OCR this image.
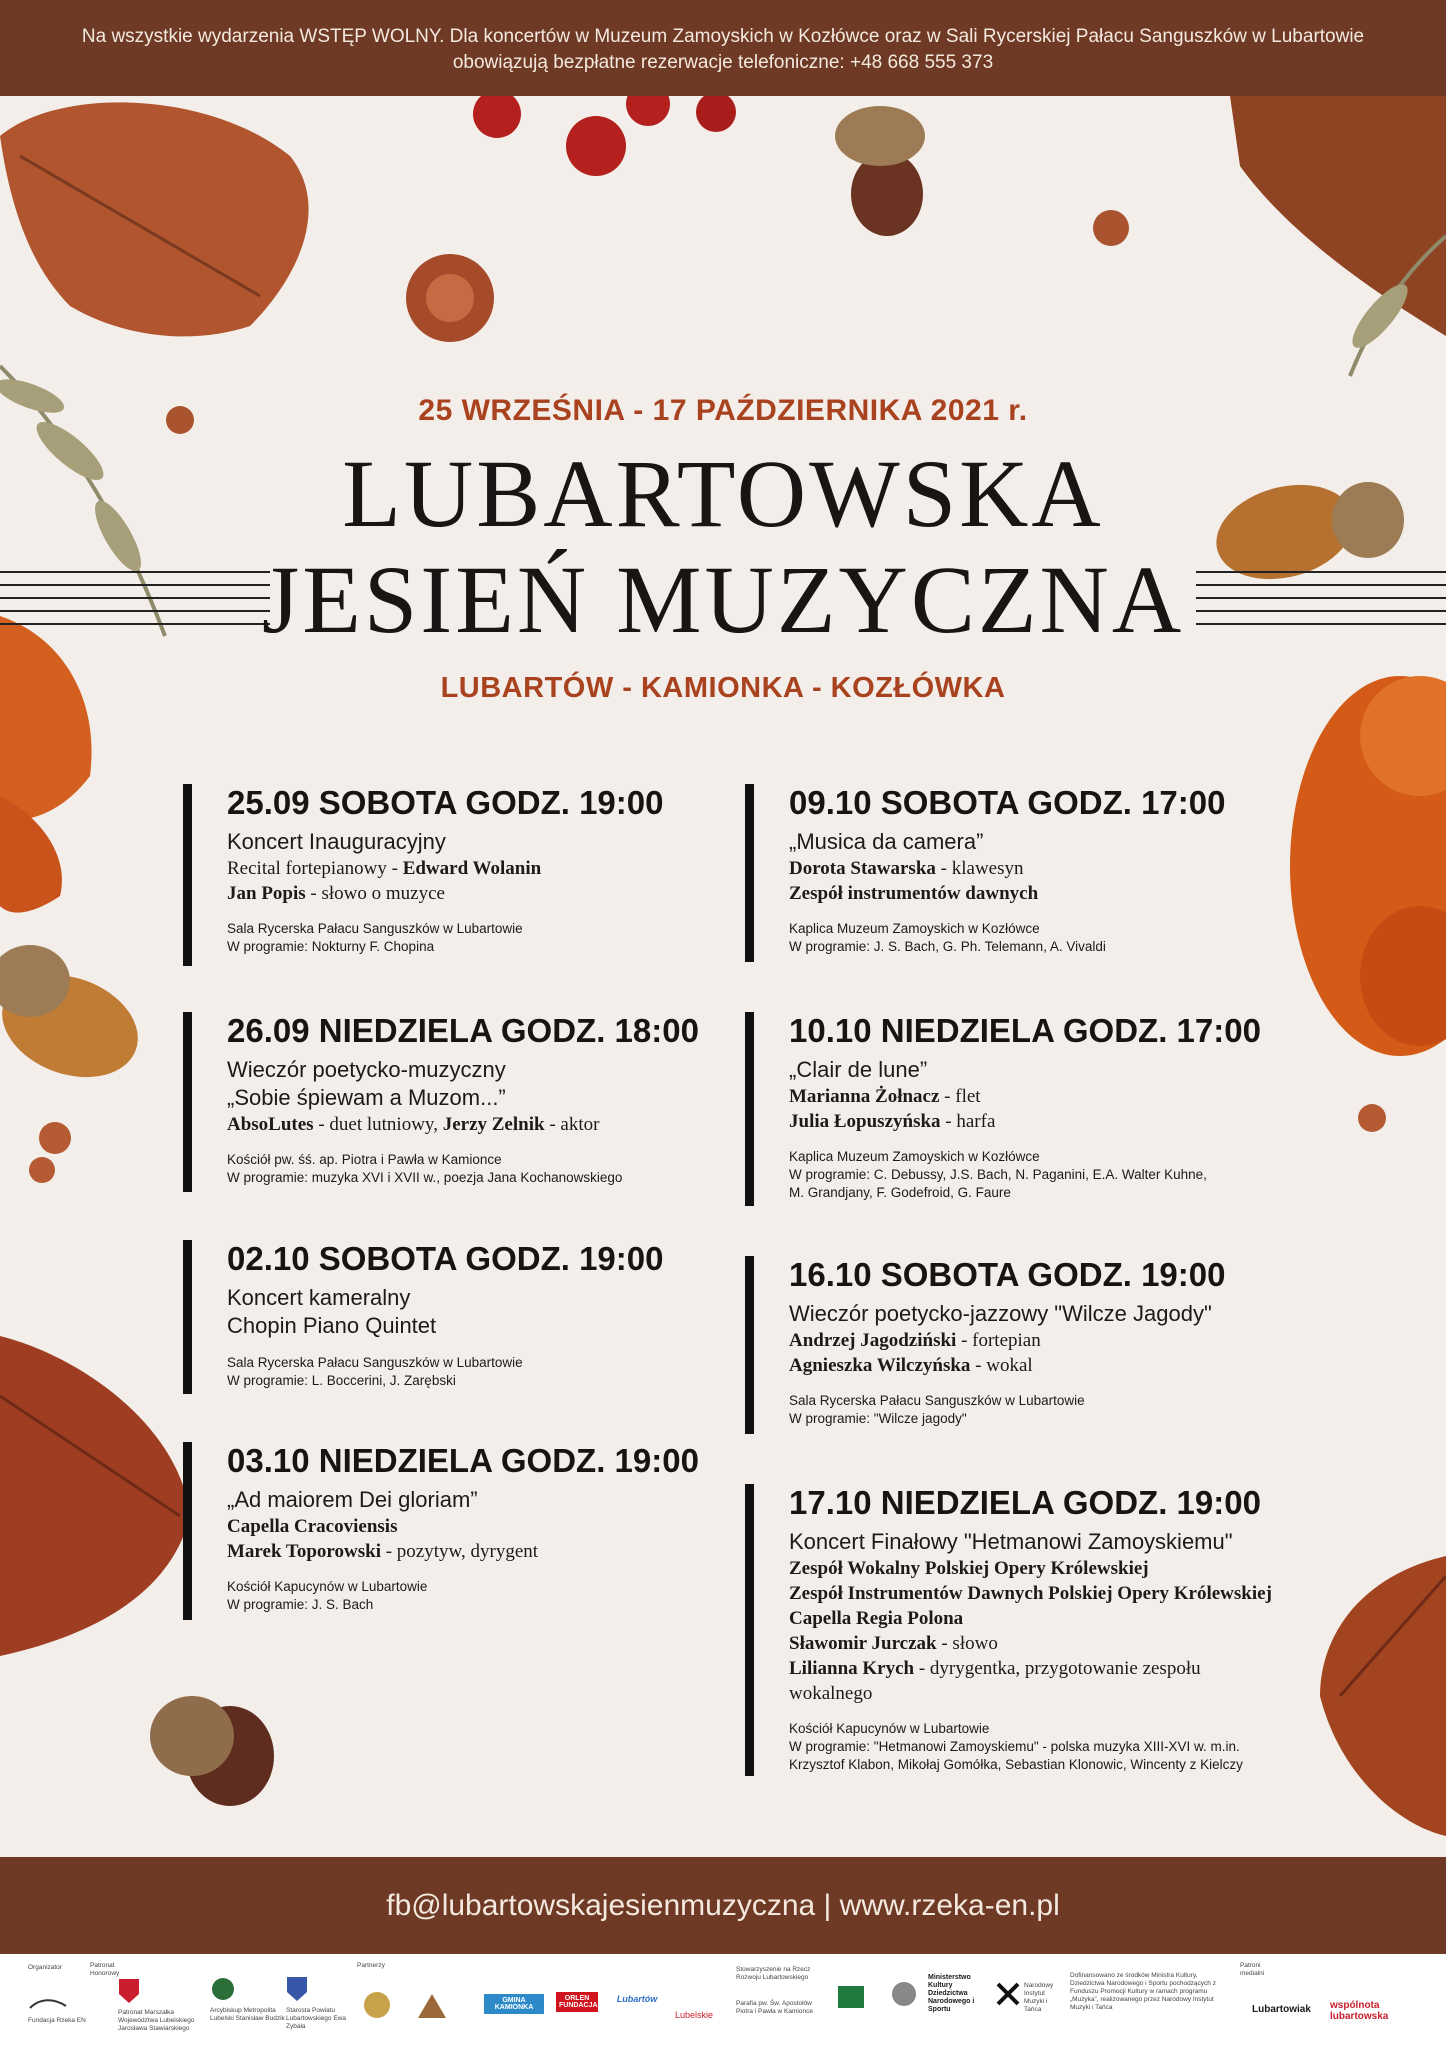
Na wszystkie wydarzenia WSTĘP WOLNY. Dla koncertów w Muzeum Zamoyskich w Kozłówce oraz w Sali Rycerskiej Pałacu Sanguszków w Lubartowie
obowiązują bezpłatne rezerwacje telefoniczne: +48 668 555 373
25 WRZEŚNIA - 17 PAŹDZIERNIKA 2021 r.
LUBARTOWSKA
JESIEŃ MUZYCZNA
LUBARTÓW - KAMIONKA - KOZŁÓWKA
25.09 SOBOTA GODZ. 19:00
Koncert Inauguracyjny
Recital fortepianowy - Edward Wolanin
Jan Popis - słowo o muzyce
Sala Rycerska Pałacu Sanguszków w Lubartowie
W programie: Nokturny F. Chopina
26.09 NIEDZIELA GODZ. 18:00
Wieczór poetycko-muzyczny
„Sobie śpiewam a Muzom...”
AbsoLutes - duet lutniowy, Jerzy Zelnik - aktor
Kościół pw. śś. ap. Piotra i Pawła w Kamionce
W programie: muzyka XVI i XVII w., poezja Jana Kochanowskiego
02.10 SOBOTA GODZ. 19:00
Koncert kameralny
Chopin Piano Quintet
Sala Rycerska Pałacu Sanguszków w Lubartowie
W programie: L. Boccerini, J. Zarębski
03.10 NIEDZIELA GODZ. 19:00
„Ad maiorem Dei gloriam”
Capella Cracoviensis
Marek Toporowski - pozytyw, dyrygent
Kościół Kapucynów w Lubartowie
W programie: J. S. Bach
09.10 SOBOTA GODZ. 17:00
„Musica da camera”
Dorota Stawarska - klawesyn
Zespół instrumentów dawnych
Kaplica Muzeum Zamoyskich w Kozłówce
W programie: J. S. Bach, G. Ph. Telemann, A. Vivaldi
10.10 NIEDZIELA GODZ. 17:00
„Clair de lune”
Marianna Żołnacz - flet
Julia Łopuszyńska - harfa
Kaplica Muzeum Zamoyskich w Kozłówce
W programie: C. Debussy, J.S. Bach, N. Paganini, E.A. Walter Kuhne,
M. Grandjany, F. Godefroid, G. Faure
16.10 SOBOTA GODZ. 19:00
Wieczór poetycko-jazzowy "Wilcze Jagody"
Andrzej Jagodziński - fortepian
Agnieszka Wilczyńska - wokal
Sala Rycerska Pałacu Sanguszków w Lubartowie
W programie: "Wilcze jagody"
17.10 NIEDZIELA GODZ. 19:00
Koncert Finałowy "Hetmanowi Zamoyskiemu"
Zespół Wokalny Polskiej Opery Królewskiej
Zespół Instrumentów Dawnych Polskiej Opery Królewskiej
Capella Regia Polona
Sławomir Jurczak - słowo
Lilianna Krych - dyrygentka, przygotowanie zespołu
wokalnego
Kościół Kapucynów w Lubartowie
W programie: "Hetmanowi Zamoyskiemu" - polska muzyka XIII-XVI w. m.in.
Krzysztof Klabon, Mikołaj Gomółka, Sebastian Klonowic, Wincenty z Kielczy
fb@lubartowskajesienmuzyczna | www.rzeka-en.pl
Organizator	Patronat Honorowy
Partnerzy	Patroni medialni
Fundacja Rzeka EN
Patronat Marszałka Województwa Lubelskiego Jarosława Stawiarskiego
Arcybiskup Metropolita Lubelski Stanisław Budzik
Starosta Powiatu Lubartowskiego Ewa Zybała
GMINA KAMIONKA
ORLEN FUNDACJA
Lubartów
Lubelskie
Stowarzyszenie na Rzecz Rozwoju Lubartowskiego
Parafia pw. Św. Apostołów Piotra i Pawła w Kamionce
Ministerstwo Kultury Dziedzictwa Narodowego i Sportu
Narodowy Instytut Muzyki i Tańca
Dofinansowano ze środków Ministra Kultury, Dziedzictwa Narodowego i Sportu pochodzących z Funduszu Promocji Kultury w ramach programu „Muzyka”, realizowanego przez Narodowy Instytut Muzyki i Tańca	Lubartowiak	wspólnota lubartowska
